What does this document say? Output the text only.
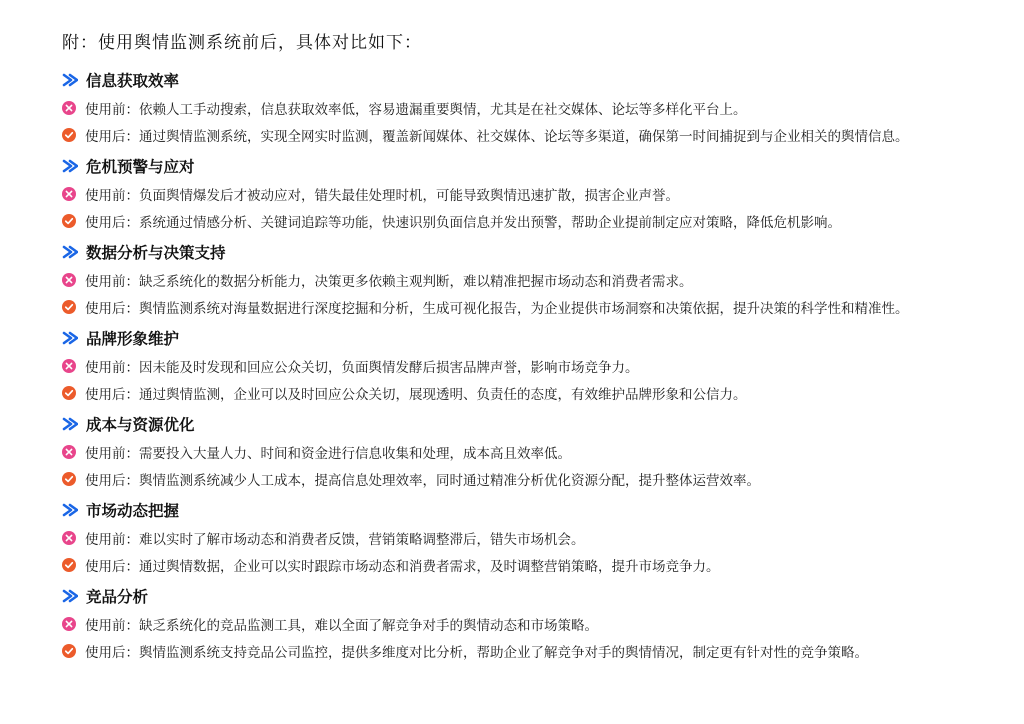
附：使用舆情监测系统前后，具体对比如下：
信息获取效率
使用前： 依赖人工手动搜索，信息获取效率低，容易遗漏重要舆情，尤其是在社交媒体、论坛等多样化平台上。
使用后： 通过舆情监测系统，实现全网实时监测，覆盖新闻媒体、社交媒体、论坛等多渠道，确保第一时间捕捉到与企业相关的舆情信息。
危机预警与应对
使用前： 负面舆情爆发后才被动应对，错失最佳处理时机，可能导致舆情迅速扩散，损害企业声誉。
使用后： 系统通过情感分析、关键词追踪等功能，快速识别负面信息并发出预警，帮助企业提前制定应对策略，降低危机影响。
数据分析与决策支持
使用前： 缺乏系统化的数据分析能力，决策更多依赖主观判断，难以精准把握市场动态和消费者需求。
使用后： 舆情监测系统对海量数据进行深度挖掘和分析，生成可视化报告，为企业提供市场洞察和决策依据，提升决策的科学性和精准性。
品牌形象维护
使用前： 因未能及时发现和回应公众关切，负面舆情发酵后损害品牌声誉，影响市场竞争力。
使用后： 通过舆情监测，企业可以及时回应公众关切，展现透明、负责任的态度，有效维护品牌形象和公信力。
成本与资源优化
使用前： 需要投入大量人力、时间和资金进行信息收集和处理，成本高且效率低。
使用后： 舆情监测系统减少人工成本，提高信息处理效率，同时通过精准分析优化资源分配，提升整体运营效率。
市场动态把握
使用前： 难以实时了解市场动态和消费者反馈，营销策略调整滞后，错失市场机会。
使用后： 通过舆情数据，企业可以实时跟踪市场动态和消费者需求，及时调整营销策略，提升市场竞争力。
竞品分析
使用前： 缺乏系统化的竞品监测工具，难以全面了解竞争对手的舆情动态和市场策略。
使用后： 舆情监测系统支持竞品公司监控，提供多维度对比分析，帮助企业了解竞争对手的舆情情况，制定更有针对性的竞争策略。
